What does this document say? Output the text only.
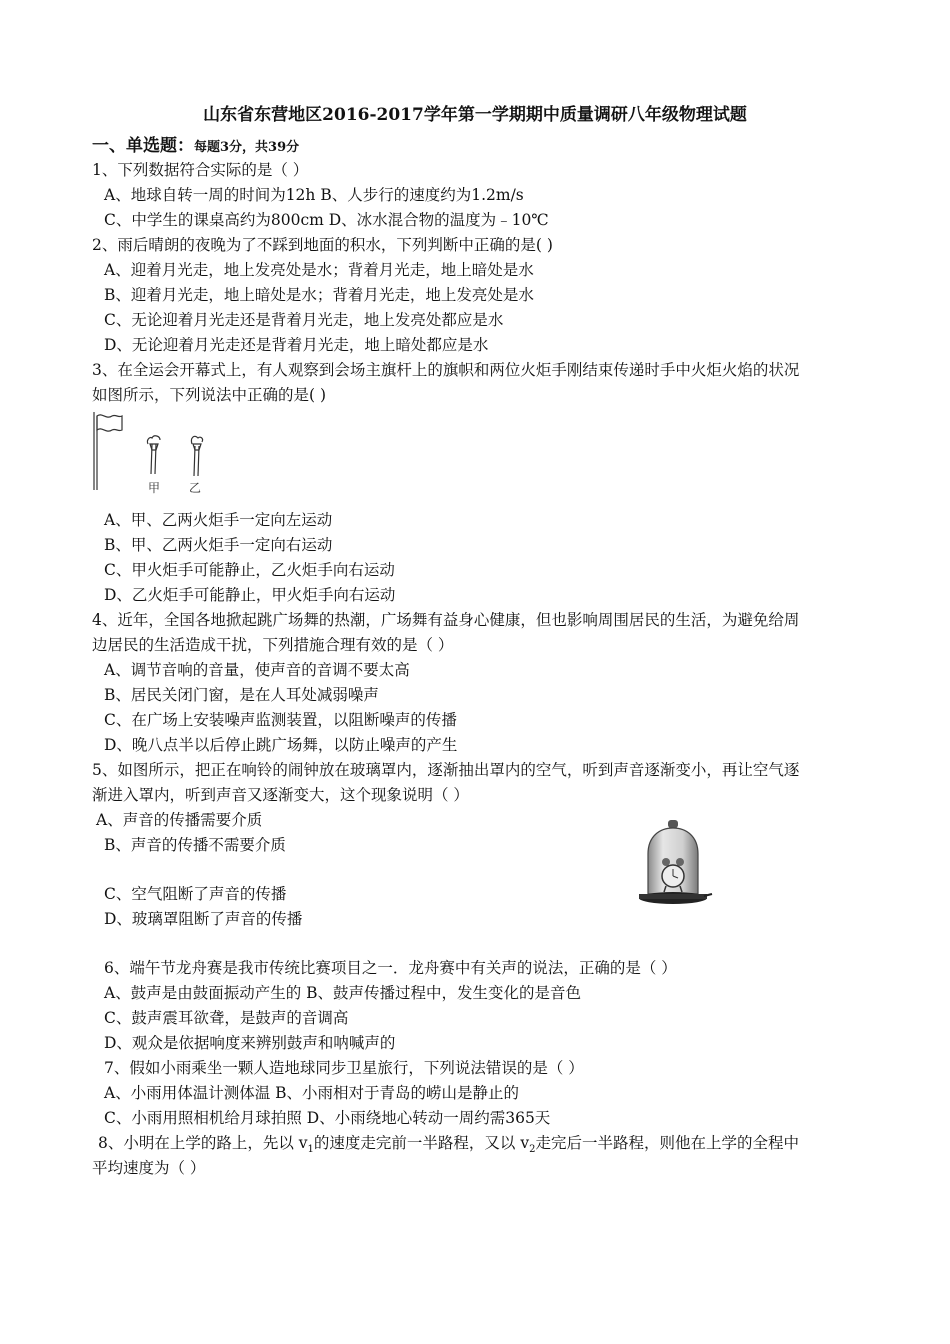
山东省东营地区2016-2017学年第一学期期中质量调研八年级物理试题
一、单选题：每题3分，共39分
1、下列数据符合实际的是（ ）
A、地球自转一周的时间为12h B、人步行的速度约为1.2m/s
C、中学生的课桌高约为800cm D、冰水混合物的温度为﹣10℃
2、雨后晴朗的夜晚为了不踩到地面的积水，下列判断中正确的是( )
A、迎着月光走，地上发亮处是水；背着月光走，地上暗处是水
B、迎着月光走，地上暗处是水；背着月光走，地上发亮处是水
C、无论迎着月光走还是背着月光走，地上发亮处都应是水
D、无论迎着月光走还是背着月光走，地上暗处都应是水
3、在全运会开幕式上，有人观察到会场主旗杆上的旗帜和两位火炬手刚结束传递时手中火炬火焰的状况
如图所示，下列说法中正确的是( )
甲 乙
A、甲、乙两火炬手一定向左运动
B、甲、乙两火炬手一定向右运动
C、甲火炬手可能静止，乙火炬手向右运动
D、乙火炬手可能静止，甲火炬手向右运动
4、近年，全国各地掀起跳广场舞的热潮，广场舞有益身心健康，但也影响周围居民的生活，为避免给周
边居民的生活造成干扰，下列措施合理有效的是（ ）
A、调节音响的音量，使声音的音调不要太高
B、居民关闭门窗，是在人耳处减弱噪声
C、在广场上安装噪声监测装置，以阻断噪声的传播
D、晚八点半以后停止跳广场舞，以防止噪声的产生
5、如图所示，把正在响铃的闹钟放在玻璃罩内，逐渐抽出罩内的空气，听到声音逐渐变小，再让空气逐
渐进入罩内，听到声音又逐渐变大，这个现象说明（ ）
A、声音的传播需要介质
B、声音的传播不需要介质
C、空气阻断了声音的传播
D、玻璃罩阻断了声音的传播
6、端午节龙舟赛是我市传统比赛项目之一．龙舟赛中有关声的说法，正确的是（ ）
A、鼓声是由鼓面振动产生的 B、鼓声传播过程中，发生变化的是音色
C、鼓声震耳欲聋，是鼓声的音调高
D、观众是依据响度来辨别鼓声和呐喊声的
7、假如小雨乘坐一颗人造地球同步卫星旅行，下列说法错误的是（ ）
A、小雨用体温计测体温 B、小雨相对于青岛的崂山是静止的
C、小雨用照相机给月球拍照 D、小雨绕地心转动一周约需365天
8、小明在上学的路上，先以 $v_1$的速度走完前一半路程，又以 $v_2$走完后一半路程，则他在上学的全程中
平均速度为（ ）
